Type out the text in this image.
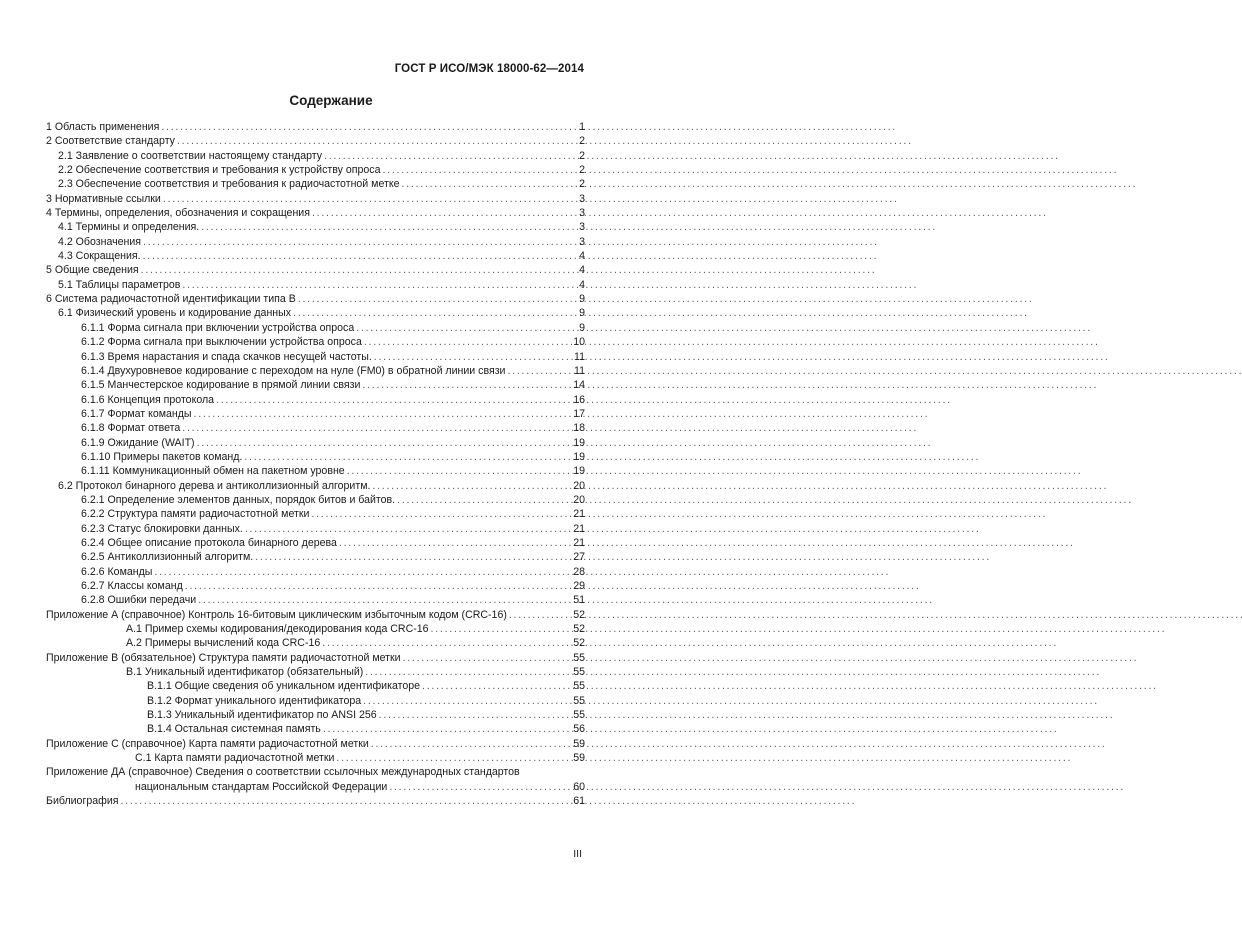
ГОСТ Р ИСО/МЭК 18000-62—2014
Содержание
1 Область применения . . .	1
2 Соответствие стандарту . . .	2
2.1 Заявление о соответствии настоящему стандарту . . .	2
2.2 Обеспечение соответствия и требования к устройству опроса . . .	2
2.3 Обеспечение соответствия и требования к радиочастотной метке . . .	2
3 Нормативные ссылки . . .	3
4 Термины, определения, обозначения и сокращения . . .	3
4.1 Термины и определения. . . .	3
4.2 Обозначения . . .	3
4.3 Сокращения. . . .	4
5 Общие сведения . . .	4
5.1 Таблицы параметров . . .	4
6 Система радиочастотной идентификации типа В . . .	9
6.1 Физический уровень и кодирование данных . . .	9
6.1.1 Форма сигнала при включении устройства опроса . . .	9
6.1.2 Форма сигнала при выключении устройства опроса . . .	10
6.1.3 Время нарастания и спада скачков несущей частоты. . . .	11
6.1.4 Двухуровневое кодирование с переходом на нуле (FM0) в обратной линии связи . . .	11
6.1.5 Манчестерское кодирование в прямой линии связи . . .	14
6.1.6 Концепция протокола . . .	16
6.1.7 Формат команды . . .	17
6.1.8 Формат ответа . . .	18
6.1.9 Ожидание (WAIT) . . .	19
6.1.10 Примеры пакетов команд. . . .	19
6.1.11 Коммуникационный обмен на пакетном уровне . . .	19
6.2 Протокол бинарного дерева и антиколлизионный алгоритм. . . .	20
6.2.1 Определение элементов данных, порядок битов и байтов. . . .	20
6.2.2 Структура памяти радиочастотной метки . . .	21
6.2.3 Статус блокировки данных. . . .	21
6.2.4 Общее описание протокола бинарного дерева . . .	21
6.2.5 Антиколлизионный алгоритм. . . .	27
6.2.6 Команды . . .	28
6.2.7 Классы команд . . .	29
6.2.8 Ошибки передачи . . .	51
Приложение А (справочное) Контроль 16-битовым циклическим избыточным кодом (CRC-16) . . .	52
А.1 Пример схемы кодирования/декодирования кода CRC-16 . . .	52
А.2 Примеры вычислений кода CRC-16 . . .	52
Приложение В (обязательное) Структура памяти радиочастотной метки . . .	55
В.1 Уникальный идентификатор (обязательный) . . .	55
В.1.1 Общие сведения об уникальном идентификаторе . . .	55
В.1.2 Формат уникального идентификатора . . .	55
В.1.3 Уникальный идентификатор по ANSI 256 . . .	55
В.1.4 Остальная системная память . . .	56
Приложение С (справочное) Карта памяти радиочастотной метки . . .	59
С.1 Карта памяти радиочастотной метки . . .	59
Приложение ДА (справочное) Сведения о соответствии ссылочных международных стандартов
национальным стандартам Российской Федерации . . .	60
Библиография . . .	61
III
